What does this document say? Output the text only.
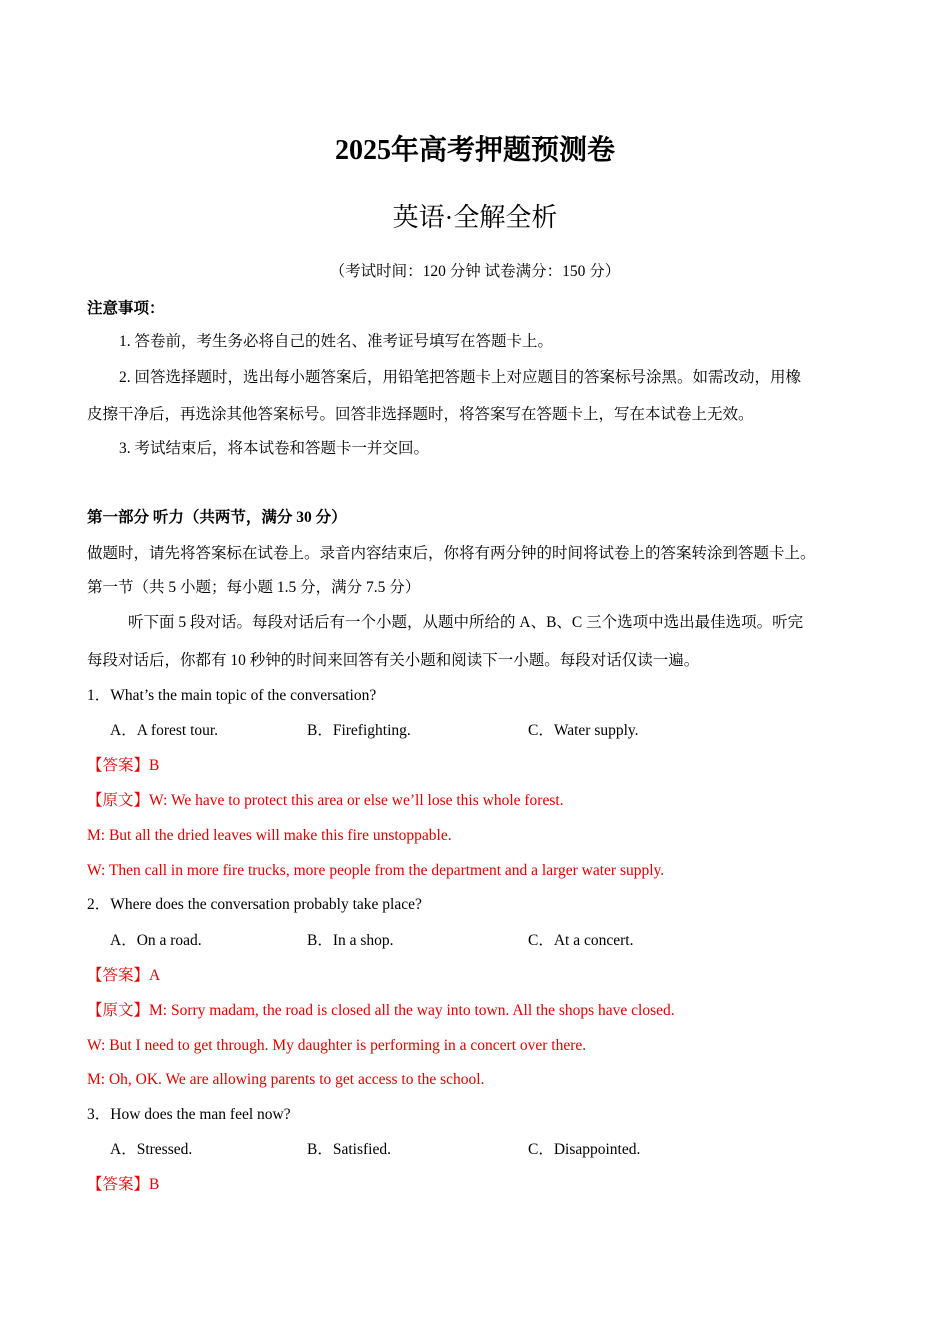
2025年高考押题预测卷
英语·全解全析
（考试时间：120 分钟 试卷满分：150 分）
注意事项：
1. 答卷前，考生务必将自己的姓名、准考证号填写在答题卡上。
2. 回答选择题时，选出每小题答案后，用铅笔把答题卡上对应题目的答案标号涂黑。如需改动，用橡
皮擦干净后，再选涂其他答案标号。回答非选择题时，将答案写在答题卡上，写在本试卷上无效。
3. 考试结束后，将本试卷和答题卡一并交回。
第一部分 听力（共两节，满分 30 分）
做题时，请先将答案标在试卷上。录音内容结束后，你将有两分钟的时间将试卷上的答案转涂到答题卡上。
第一节（共 5 小题；每小题 1.5 分，满分 7.5 分）
听下面 5 段对话。每段对话后有一个小题，从题中所给的 A、B、C 三个选项中选出最佳选项。听完
每段对话后，你都有 10 秒钟的时间来回答有关小题和阅读下一小题。每段对话仅读一遍。
1．What’s the main topic of the conversation?
A．A forest tour.	B．Firefighting.	C．Water supply.
【答案】B
【原文】W: We have to protect this area or else we’ll lose this whole forest.
M: But all the dried leaves will make this fire unstoppable.
W: Then call in more fire trucks, more people from the department and a larger water supply.
2．Where does the conversation probably take place?
A．On a road.	B．In a shop.	C．At a concert.
【答案】A
【原文】M: Sorry madam, the road is closed all the way into town. All the shops have closed.
W: But I need to get through. My daughter is performing in a concert over there.
M: Oh, OK. We are allowing parents to get access to the school.
3．How does the man feel now?
A．Stressed.	B．Satisfied.	C．Disappointed.
【答案】B
